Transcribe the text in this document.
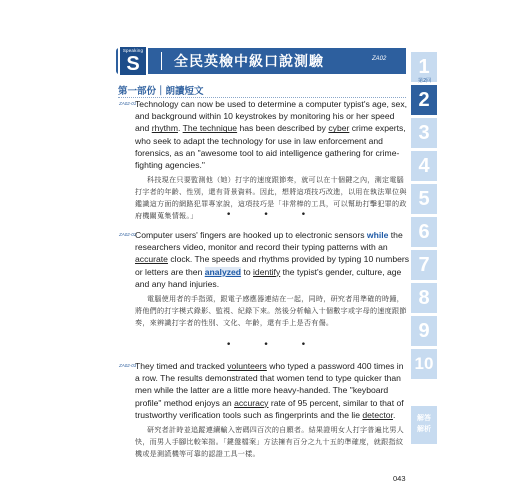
Speaking
S	全民英檢中級口說測驗	ZA02
第一部份｜朗讀短文
ZA02-01

Technology can now be used to determine a computer typist's age, sex, and background within 10 keystrokes by monitoring his or her speed and rhythm. The technique has been described by cyber crime experts, who seek to adapt the technology for use in law enforcement and forensics, as an "awesome tool to aid intelligence gathering for crime-fighting agencies."

科技現在只要監測他（她）打字的速度跟節奏，就可以在十個鍵之內，測定電腦打字者的年齡、性別，還有背景資料。因此，想將這項技巧改進，以用在執法單位與鑑識這方面的網路犯罪專家說，這項技巧是「非常棒的工具，可以幫助打擊犯罪的政府機關蒐集情報。」	•	•	•
ZA02-02

Computer users' fingers are hooked up to electronic sensors while the researchers video, monitor and record their typing patterns with an accurate clock. The speeds and rhythms provided by typing 10 numbers or letters are then analyzed to identify the typist's gender, culture, age and any hand injuries.

電腦使用者的手指頭，跟電子感應器連結在一起，同時，研究者用準確的時鐘，將他們的打字模式錄影、監視、紀錄下來。然後分析輸入十個數字或字母的速度跟節奏，來辨識打字者的性別、文化、年齡，還有手上是否有傷。

•	•	•
ZA02-03

They timed and tracked volunteers who typed a password 400 times in a row. The results demonstrated that women tend to type quicker than men while the latter are a little more heavy-handed. The "keyboard profile" method enjoys an accuracy rate of 95 percent, similar to that of trustworthy verification tools such as fingerprints and the lie detector.

研究者計時並追蹤連續輸入密碼四百次的自願者。結果證明女人打字普遍比男人快，而男人手腳比較笨拙。「鍵盤檔案」方法擁有百分之九十五的準確度，就跟指紋機或是測謊機等可靠的認證工具一樣。

1
2
3
4
5
6
7
8
9
10
第2回
解答
解析
043
